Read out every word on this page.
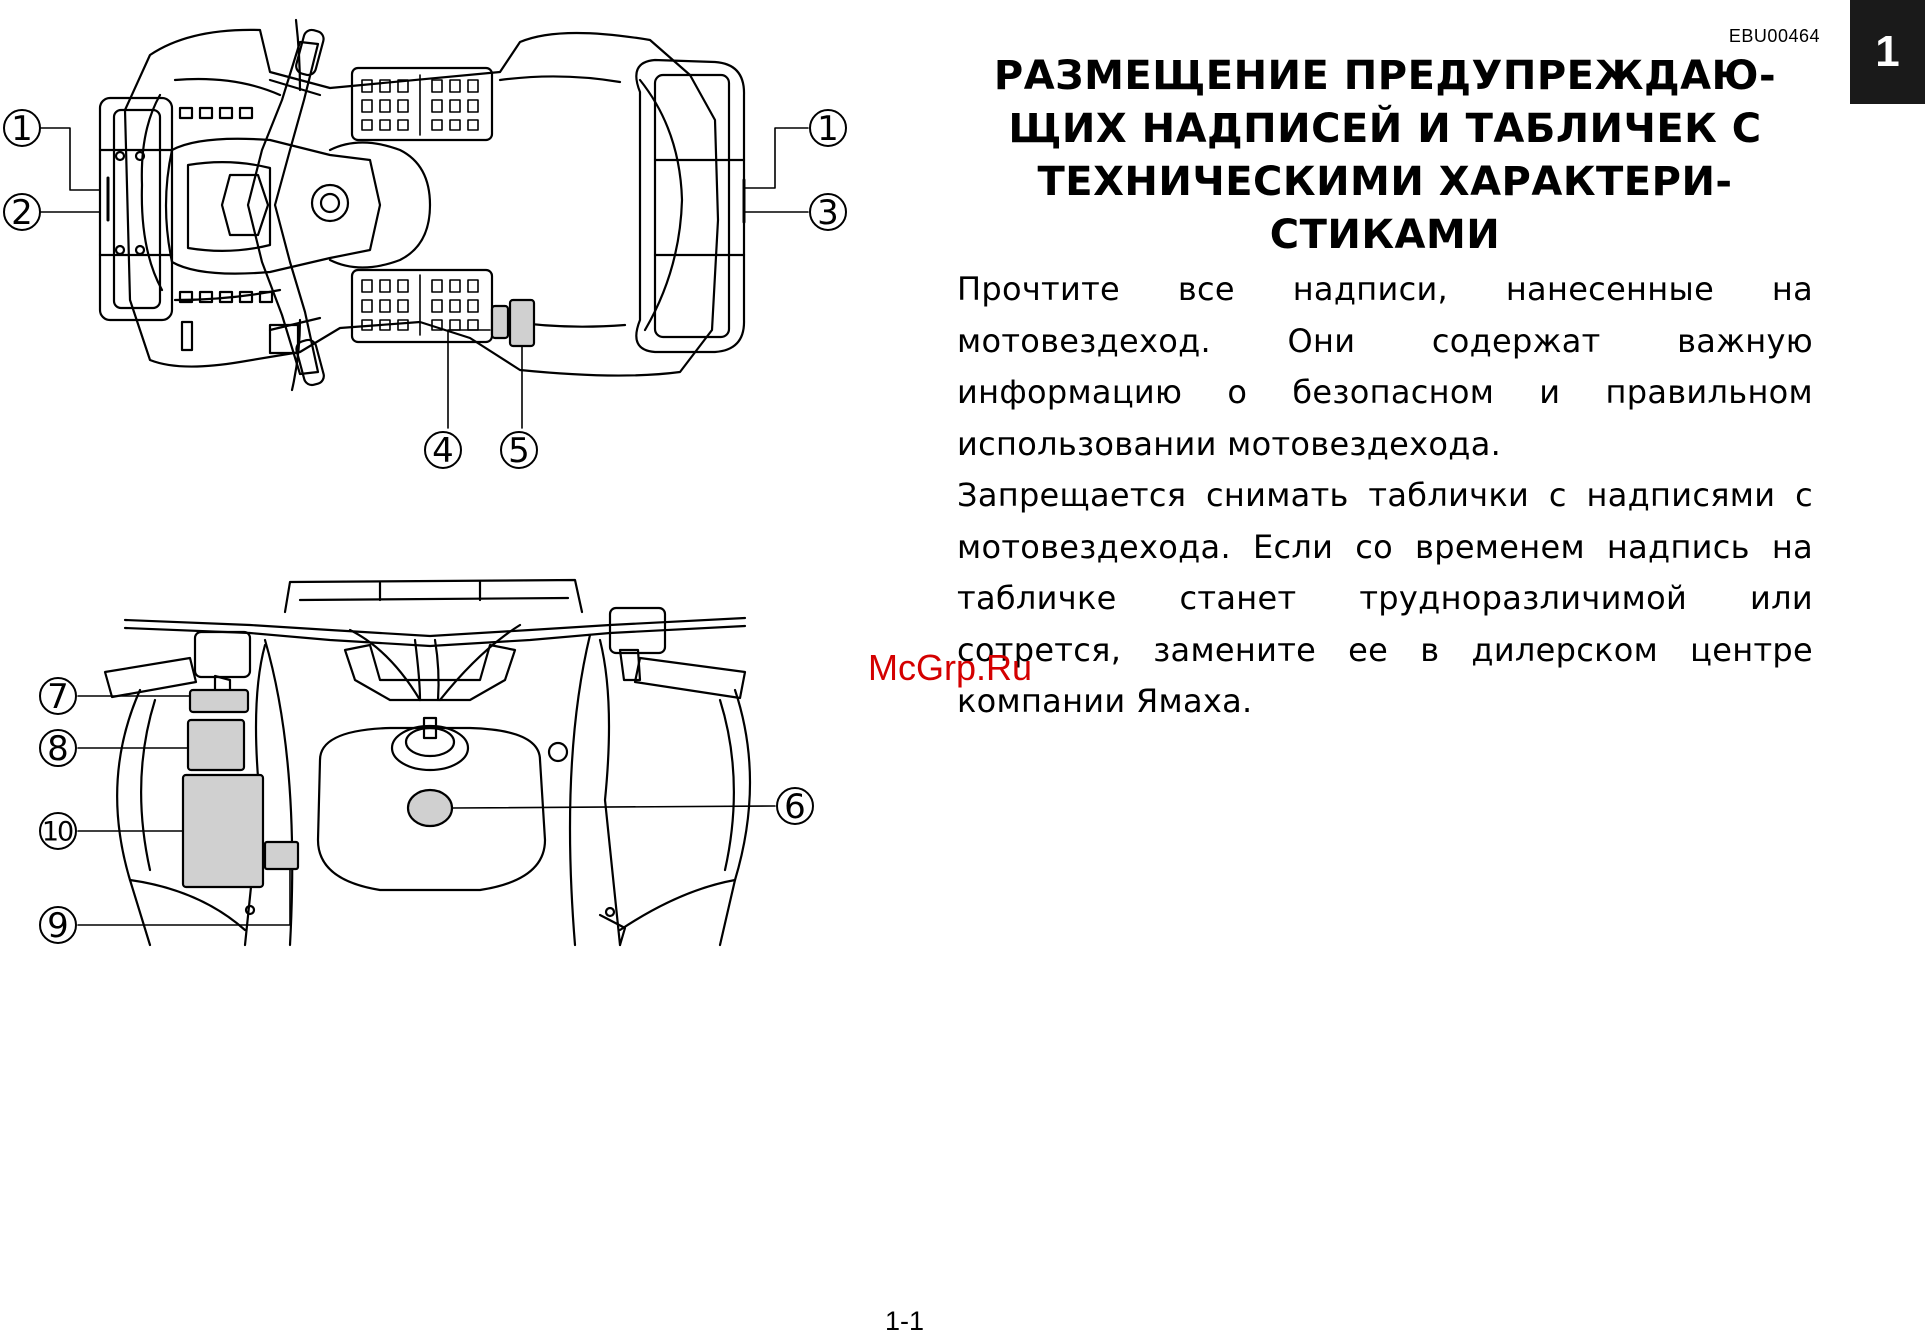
1
2
1
3
4 5
7
8
10
9
6
EBU00464	1
РАЗМЕЩЕНИЕ ПРЕДУПРЕЖДАЮ-
ЩИХ НАДПИСЕЙ И ТАБЛИЧЕК С
ТЕХНИЧЕСКИМИ ХАРАКТЕРИ-
СТИКАМИ

Прочтите все надписи, нанесенные на мотовездеход. Они содержат важную информацию о безопасном и правильном использовании мотовездехода.

Запрещается снимать таблички с надписями с мотовездехода. Если со временем надпись на табличке станет трудноразличимой или сотрется, замените ее в дилерском центре компании Ямаха.

McGrp.Ru
1-1
